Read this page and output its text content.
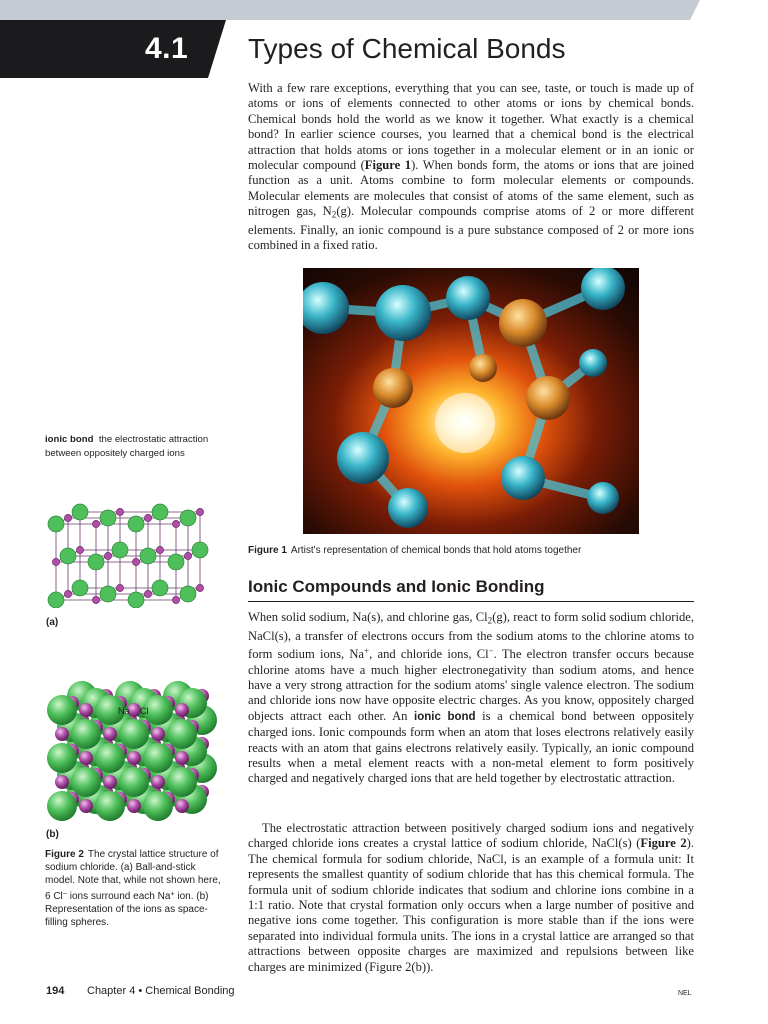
4.1 Types of Chemical Bonds

With a few rare exceptions, everything that you can see, taste, or touch is made up of atoms or ions of elements connected to other atoms or ions by chemical bonds. Chemical bonds hold the world as we know it together. What exactly is a chemical bond? In earlier science courses, you learned that a chemical bond is the electrical attraction that holds atoms or ions together in a molecular element or in an ionic or molecular compound (Figure 1). When bonds form, the atoms or ions that are joined function as a unit. Atoms combine to form molecular elements or compounds. Molecular elements are molecules that consist of atoms of the same element, such as nitrogen gas, $N_2(g)$. Molecular compounds comprise atoms of 2 or more different elements. Finally, an ionic compound is a pure substance composed of 2 or more ions combined in a fixed ratio.

Figure 1 Artist's representation of chemical bonds that hold atoms together
ionic bond the electrostatic attraction between oppositely charged ions
(a)
Na Cl
(b)
Figure 2 The crystal lattice structure of sodium chloride. (a) Ball-and-stick model. Note that, while not shown here, 6 Cl− ions surround each Na+ ion. (b) Representation of the ions as space-filling spheres.
Ionic Compounds and Ionic Bonding

When solid sodium, Na(s), and chlorine gas, $Cl_2(g)$, react to form solid sodium chloride, NaCl(s), a transfer of electrons occurs from the sodium atoms to the chlorine atoms to form sodium ions, Na+, and chloride ions, Cl−. The electron transfer occurs because chlorine atoms have a much higher electronegativity than sodium atoms, and hence have a very strong attraction for the sodium atoms' single valence electron. The sodium and chloride ions now have opposite electric charges. As you know, oppositely charged objects attract each other. An ionic bond is a chemical bond between oppositely charged ions. Ionic compounds form when an atom that loses electrons relatively easily reacts with an atom that gains electrons relatively easily. Typically, an ionic compound results when a metal element reacts with a non-metal element to form positively charged and negatively charged ions that are held together by electrostatic attraction.

The electrostatic attraction between positively charged sodium ions and negatively charged chloride ions creates a crystal lattice of sodium chloride, NaCl(s) (Figure 2). The chemical formula for sodium chloride, NaCl, is an example of a formula unit: It represents the smallest quantity of sodium chloride that has this chemical formula. The formula unit of sodium chloride indicates that sodium and chlorine ions combine in a 1:1 ratio. Note that crystal formation only occurs when a large number of positive and negative ions come together. This configuration is more stable than if the ions were separated into individual formula units. The ions in a crystal lattice are arranged so that attractions between opposite charges are maximized and repulsions between like charges are minimized (Figure 2(b)).

194 Chapter 4 • Chemical Bonding	NEL
